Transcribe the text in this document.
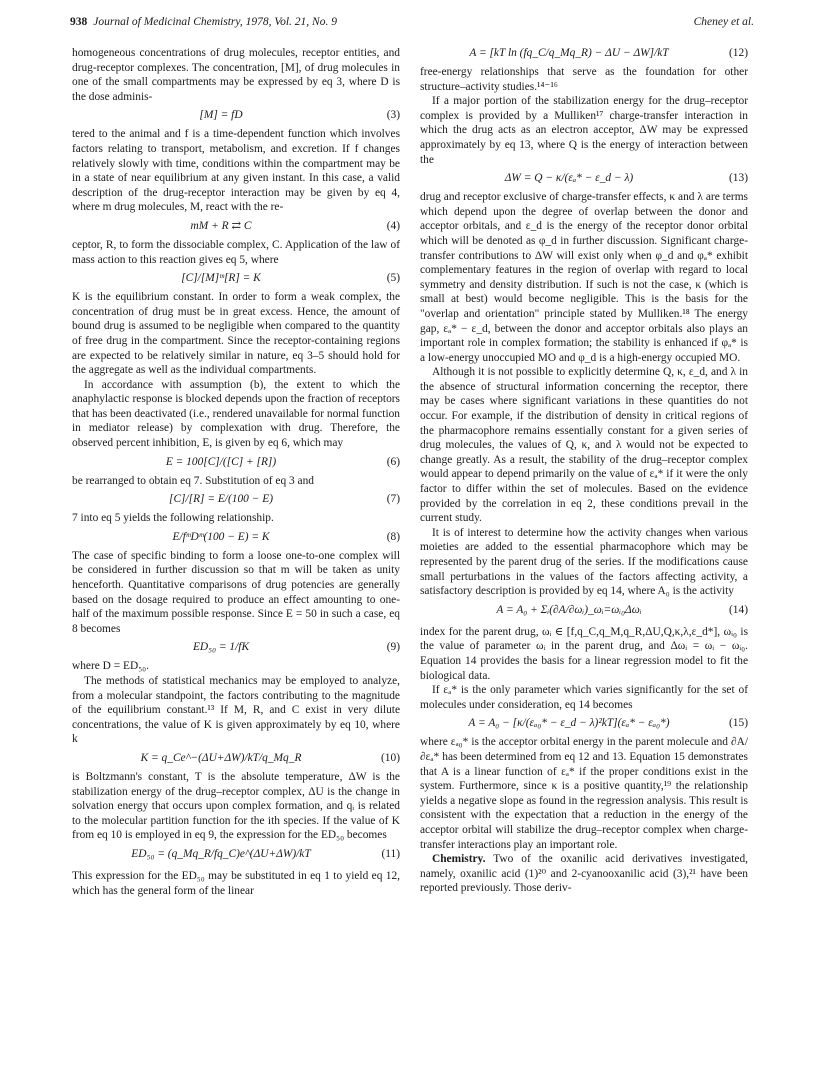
938 Journal of Medicinal Chemistry, 1978, Vol. 21, No. 9	Cheney et al.

homogeneous concentrations of drug molecules, receptor entities, and drug-receptor complexes. The concentration, [M], of drug molecules in one of the small compartments may be expressed by eq 3, where D is the dose adminis-

[M] = fD	(3)

tered to the animal and f is a time-dependent function which involves factors relating to transport, metabolism, and excretion. If f changes relatively slowly with time, conditions within the compartment may be in a state of near equilibrium at any given instant. In this case, a valid description of the drug-receptor interaction may be given by eq 4, where m drug molecules, M, react with the re-

mM + R ⇄ C	(4)

ceptor, R, to form the dissociable complex, C. Application of the law of mass action to this reaction gives eq 5, where

[C]/[M]ᵐ[R] = K	(5)

K is the equilibrium constant. In order to form a weak complex, the concentration of drug must be in great excess. Hence, the amount of bound drug is assumed to be negligible when compared to the quantity of free drug in the compartment. Since the receptor-containing regions are expected to be relatively similar in nature, eq 3–5 should hold for the aggregate as well as the individual compartments.

In accordance with assumption (b), the extent to which the anaphylactic response is blocked depends upon the fraction of receptors that has been deactivated (i.e., rendered unavailable for normal function in mediator release) by complexation with drug. Therefore, the observed percent inhibition, E, is given by eq 6, which may

E = 100[C]/([C] + [R])	(6)

be rearranged to obtain eq 7. Substitution of eq 3 and

[C]/[R] = E/(100 − E)	(7)

7 into eq 5 yields the following relationship.

E/fᵐDᵐ(100 − E) = K	(8)

The case of specific binding to form a loose one-to-one complex will be considered in further discussion so that m will be taken as unity henceforth. Quantitative comparisons of drug potencies are generally based on the dosage required to produce an effect amounting to one-half of the maximum possible response. Since E = 50 in such a case, eq 8 becomes

ED₅₀ = 1/fK	(9)

where D = ED₅₀.

The methods of statistical mechanics may be employed to analyze, from a molecular standpoint, the factors contributing to the magnitude of the equilibrium constant.¹³ If M, R, and C exist in very dilute concentrations, the value of K is given approximately by eq 10, where k

K = q_Ce^−(ΔU+ΔW)/kT/q_Mq_R	(10)

is Boltzmann's constant, T is the absolute temperature, ΔW is the stabilization energy of the drug–receptor complex, ΔU is the change in solvation energy that occurs upon complex formation, and qᵢ is related to the molecular partition function for the ith species. If the value of K from eq 10 is employed in eq 9, the expression for the ED₅₀ becomes

ED₅₀ = (q_Mq_R/fq_C)e^(ΔU+ΔW)/kT	(11)

This expression for the ED₅₀ may be substituted in eq 1 to yield eq 12, which has the general form of the linear

A = [kT ln (fq_C/q_Mq_R) − ΔU − ΔW]/kT	(12)

free-energy relationships that serve as the foundation for other structure–activity studies.¹⁴⁻¹⁶

If a major portion of the stabilization energy for the drug–receptor complex is provided by a Mulliken¹⁷ charge-transfer interaction in which the drug acts as an electron acceptor, ΔW may be expressed approximately by eq 13, where Q is the energy of interaction between the

ΔW = Q − κ/(εₐ* − ε_d − λ)	(13)

drug and receptor exclusive of charge-transfer effects, κ and λ are terms which depend upon the degree of overlap between the donor and acceptor orbitals, and ε_d is the energy of the receptor donor orbital which will be denoted as φ_d in further discussion. Significant charge-transfer contributions to ΔW will exist only when φ_d and φₐ* exhibit complementary features in the region of overlap with regard to local symmetry and density distribution. If such is not the case, κ (which is small at best) would become negligible. This is the basis for the "overlap and orientation" principle stated by Mulliken.¹⁸ The energy gap, εₐ* − ε_d, between the donor and acceptor orbitals also plays an important role in complex formation; the stability is enhanced if φₐ* is a low-energy unoccupied MO and φ_d is a high-energy occupied MO.

Although it is not possible to explicitly determine Q, κ, ε_d, and λ in the absence of structural information concerning the receptor, there may be cases where significant variations in these quantities do not occur. For example, if the distribution of density in critical regions of the pharmacophore remains essentially constant for a given series of drug molecules, the values of Q, κ, and λ would not be expected to change greatly. As a result, the stability of the drug–receptor complex would appear to depend primarily on the value of εₐ* if it were the only factor to differ within the set of molecules. Based on the evidence provided by the correlation in eq 2, these conditions prevail in the current study.

It is of interest to determine how the activity changes when various moieties are added to the essential pharmacophore which may be represented by the parent drug of the series. If the modifications cause small perturbations in the values of the factors affecting activity, a satisfactory description is provided by eq 14, where A₀ is the activity

A = A₀ + Σᵢ(∂A/∂ωᵢ)_ωᵢ=ωᵢ₀Δωᵢ	(14)

index for the parent drug, ωᵢ ∈ [f,q_C,q_M,q_R,ΔU,Q,κ,λ,ε_d*], ωᵢ₀ is the value of parameter ωᵢ in the parent drug, and Δωᵢ = ωᵢ − ωᵢ₀. Equation 14 provides the basis for a linear regression model to fit the biological data.

If εₐ* is the only parameter which varies significantly for the set of molecules under consideration, eq 14 becomes

A = A₀ − [κ/(εₐ₀* − ε_d − λ)²kT](εₐ* − εₐ₀*)	(15)

where εₐ₀* is the acceptor orbital energy in the parent molecule and ∂A/∂εₐ* has been determined from eq 12 and 13. Equation 15 demonstrates that A is a linear function of εₐ* if the proper conditions exist in the system. Furthermore, since κ is a positive quantity,¹⁹ the relationship yields a negative slope as found in the regression analysis. This result is consistent with the expectation that a reduction in the energy of the acceptor orbital will stabilize the drug–receptor complex when charge-transfer interactions play an important role.

Chemistry. Two of the oxanilic acid derivatives investigated, namely, oxanilic acid (1)²⁰ and 2-cyanooxanilic acid (3),²¹ have been reported previously. Those deriv-
